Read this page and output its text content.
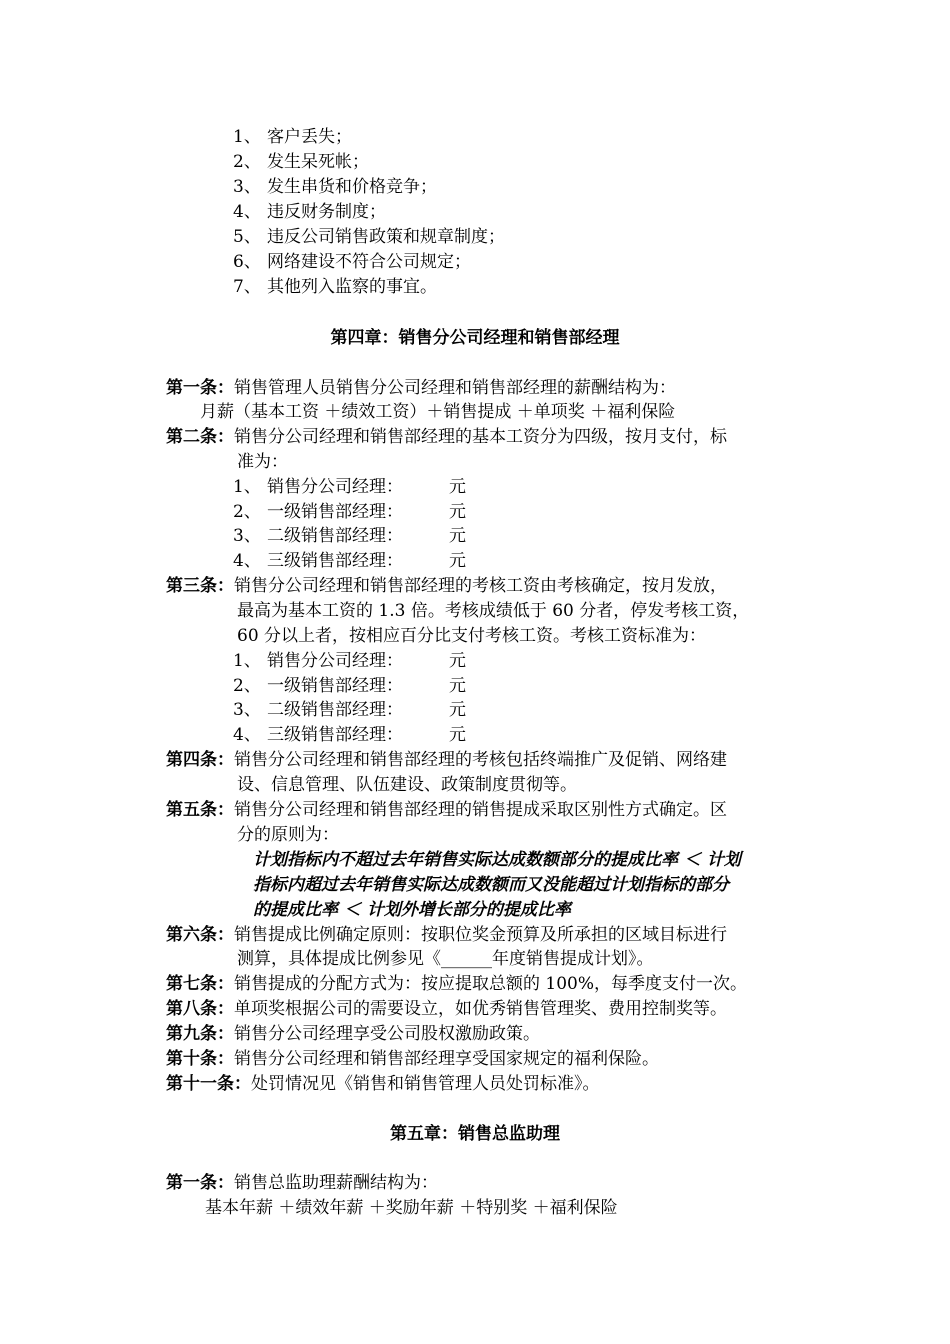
1、 客户丢失；
2、 发生呆死帐；
3、 发生串货和价格竞争；
4、 违反财务制度；
5、 违反公司销售政策和规章制度；
6、 网络建设不符合公司规定；
7、 其他列入监察的事宜。
第四章：销售分公司经理和销售部经理
第一条：销售管理人员销售分公司经理和销售部经理的薪酬结构为：
月薪（基本工资 ＋绩效工资）＋销售提成 ＋单项奖 ＋福利保险
第二条：销售分公司经理和销售部经理的基本工资分为四级，按月支付，标
准为：
1、 销售分公司经理：	元
2、 一级销售部经理：	元
3、 二级销售部经理：	元
4、 三级销售部经理：	元
第三条：销售分公司经理和销售部经理的考核工资由考核确定，按月发放，
最高为基本工资的 1.3 倍。考核成绩低于 60 分者，停发考核工资，
60 分以上者，按相应百分比支付考核工资。考核工资标准为：
1、 销售分公司经理：	元
2、 一级销售部经理：	元
3、 二级销售部经理：	元
4、 三级销售部经理：	元
第四条：销售分公司经理和销售部经理的考核包括终端推广及促销、网络建
设、信息管理、队伍建设、政策制度贯彻等。
第五条：销售分公司经理和销售部经理的销售提成采取区别性方式确定。区
分的原则为：
计划指标内不超过去年销售实际达成数额部分的提成比率 ＜ 计划
指标内超过去年销售实际达成数额而又没能超过计划指标的部分
的提成比率 ＜ 计划外增长部分的提成比率
第六条：销售提成比例确定原则：按职位奖金预算及所承担的区域目标进行
测算，具体提成比例参见《______年度销售提成计划》。
第七条：销售提成的分配方式为：按应提取总额的 100%，每季度支付一次。
第八条：单项奖根据公司的需要设立，如优秀销售管理奖、费用控制奖等。
第九条：销售分公司经理享受公司股权激励政策。
第十条：销售分公司经理和销售部经理享受国家规定的福利保险。
第十一条：处罚情况见《销售和销售管理人员处罚标准》。
第五章：销售总监助理
第一条：销售总监助理薪酬结构为：
基本年薪 ＋绩效年薪 ＋奖励年薪 ＋特别奖 ＋福利保险
